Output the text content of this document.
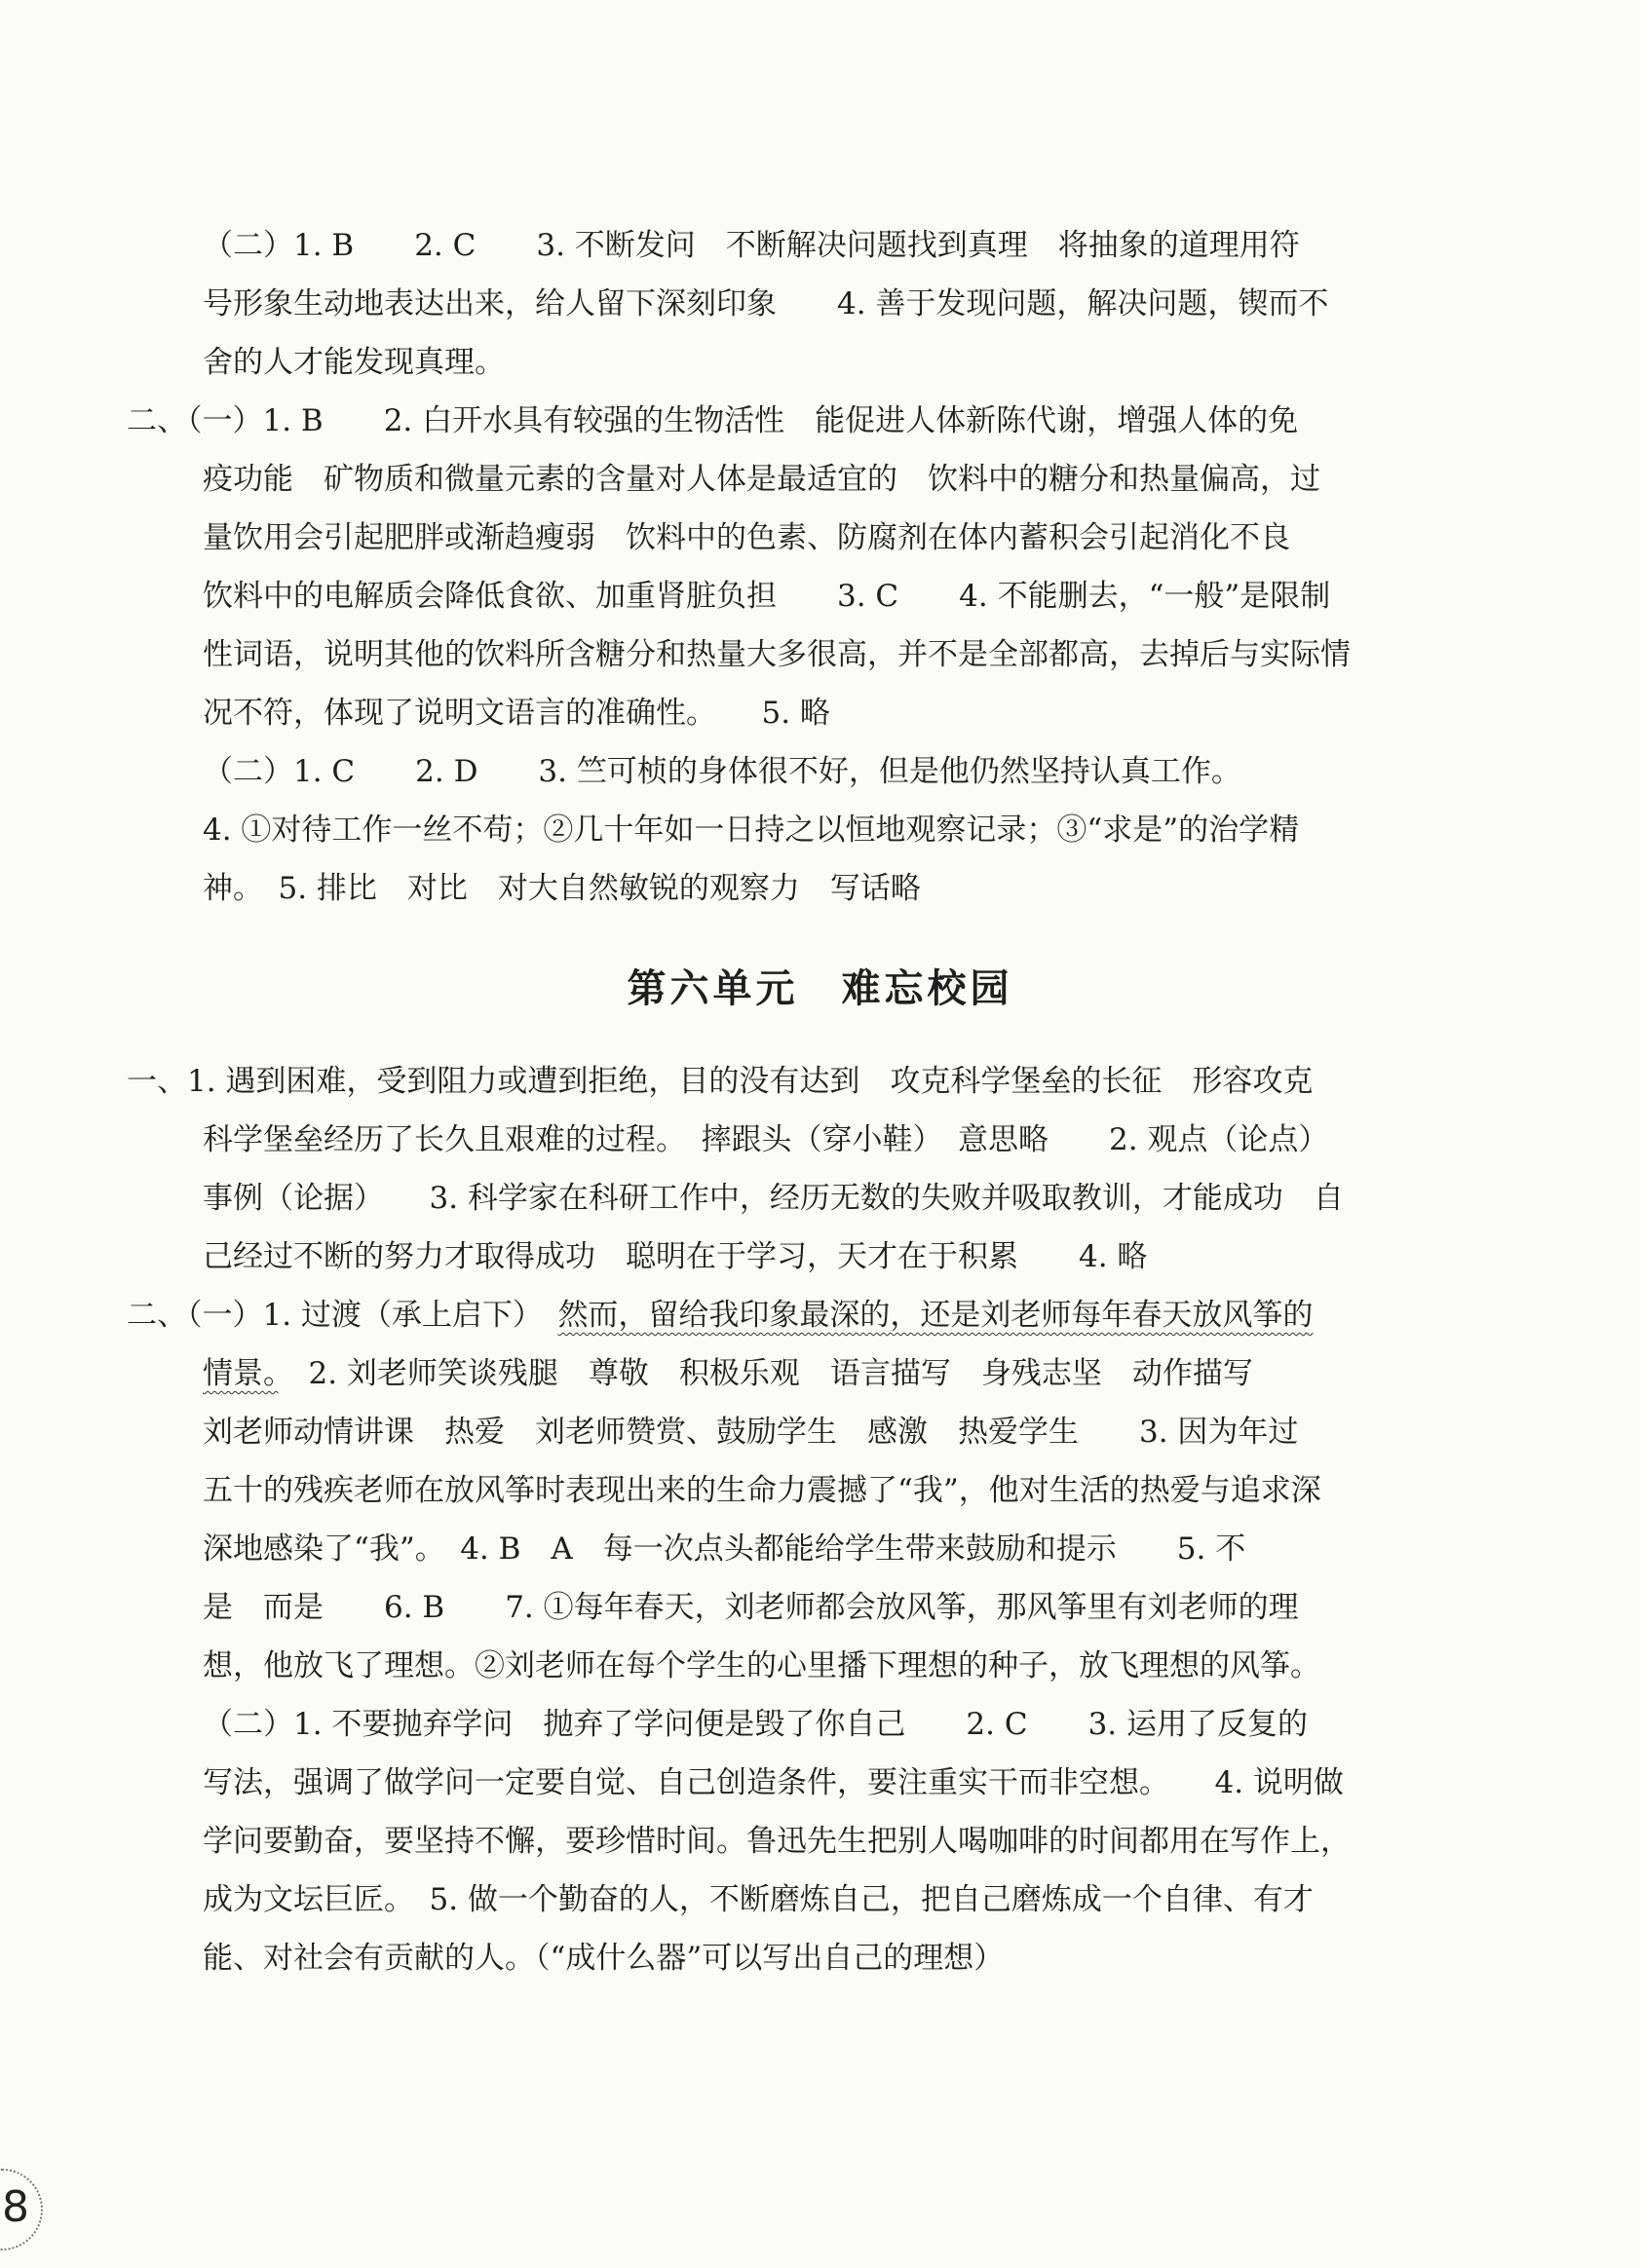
（二）1. B　　2. C　　3. 不断发问　不断解决问题找到真理　将抽象的道理用符
号形象生动地表达出来，给人留下深刻印象　　4. 善于发现问题，解决问题，锲而不
舍的人才能发现真理。
二、（一）1. B　　2. 白开水具有较强的生物活性　能促进人体新陈代谢，增强人体的免
疫功能　矿物质和微量元素的含量对人体是最适宜的　饮料中的糖分和热量偏高，过
量饮用会引起肥胖或渐趋瘦弱　饮料中的色素、防腐剂在体内蓄积会引起消化不良
饮料中的电解质会降低食欲、加重肾脏负担　　3. C　　4. 不能删去，“一般”是限制
性词语，说明其他的饮料所含糖分和热量大多很高，并不是全部都高，去掉后与实际情
况不符，体现了说明文语言的准确性。　　5. 略
（二）1. C　　2. D　　3. 竺可桢的身体很不好，但是他仍然坚持认真工作。
4. ①对待工作一丝不苟；②几十年如一日持之以恒地观察记录；③“求是”的治学精
神。　5. 排比　对比　对大自然敏锐的观察力　写话略
第六单元　难忘校园
一、1. 遇到困难，受到阻力或遭到拒绝，目的没有达到　攻克科学堡垒的长征　形容攻克
科学堡垒经历了长久且艰难的过程。　摔跟头（穿小鞋）　意思略　　2. 观点（论点）
事例（论据）　　3. 科学家在科研工作中，经历无数的失败并吸取教训，才能成功　自
己经过不断的努力才取得成功　聪明在于学习，天才在于积累　　4. 略
二、（一）1. 过渡（承上启下）　 然而，留给我印象最深的，还是刘老师每年春天放风筝的
情景。　2. 刘老师笑谈残腿　尊敬　积极乐观　语言描写　身残志坚　动作描写
刘老师动情讲课　热爱　刘老师赞赏、鼓励学生　感激　热爱学生　　3. 因为年过
五十的残疾老师在放风筝时表现出来的生命力震撼了“我”，他对生活的热爱与追求深
深地感染了“我”。　4. B　A　每一次点头都能给学生带来鼓励和提示　　5. 不
是　而是　　6. B　　7. ①每年春天，刘老师都会放风筝，那风筝里有刘老师的理
想，他放飞了理想。②刘老师在每个学生的心里播下理想的种子，放飞理想的风筝。
（二）1. 不要抛弃学问　抛弃了学问便是毁了你自己　　2. C　　3. 运用了反复的
写法，强调了做学问一定要自觉、自己创造条件，要注重实干而非空想。　　4. 说明做
学问要勤奋，要坚持不懈，要珍惜时间。鲁迅先生把别人喝咖啡的时间都用在写作上，
成为文坛巨匠。　5. 做一个勤奋的人，不断磨炼自己，把自己磨炼成一个自律、有才
能、对社会有贡献的人。（“成什么器”可以写出自己的理想）
8
